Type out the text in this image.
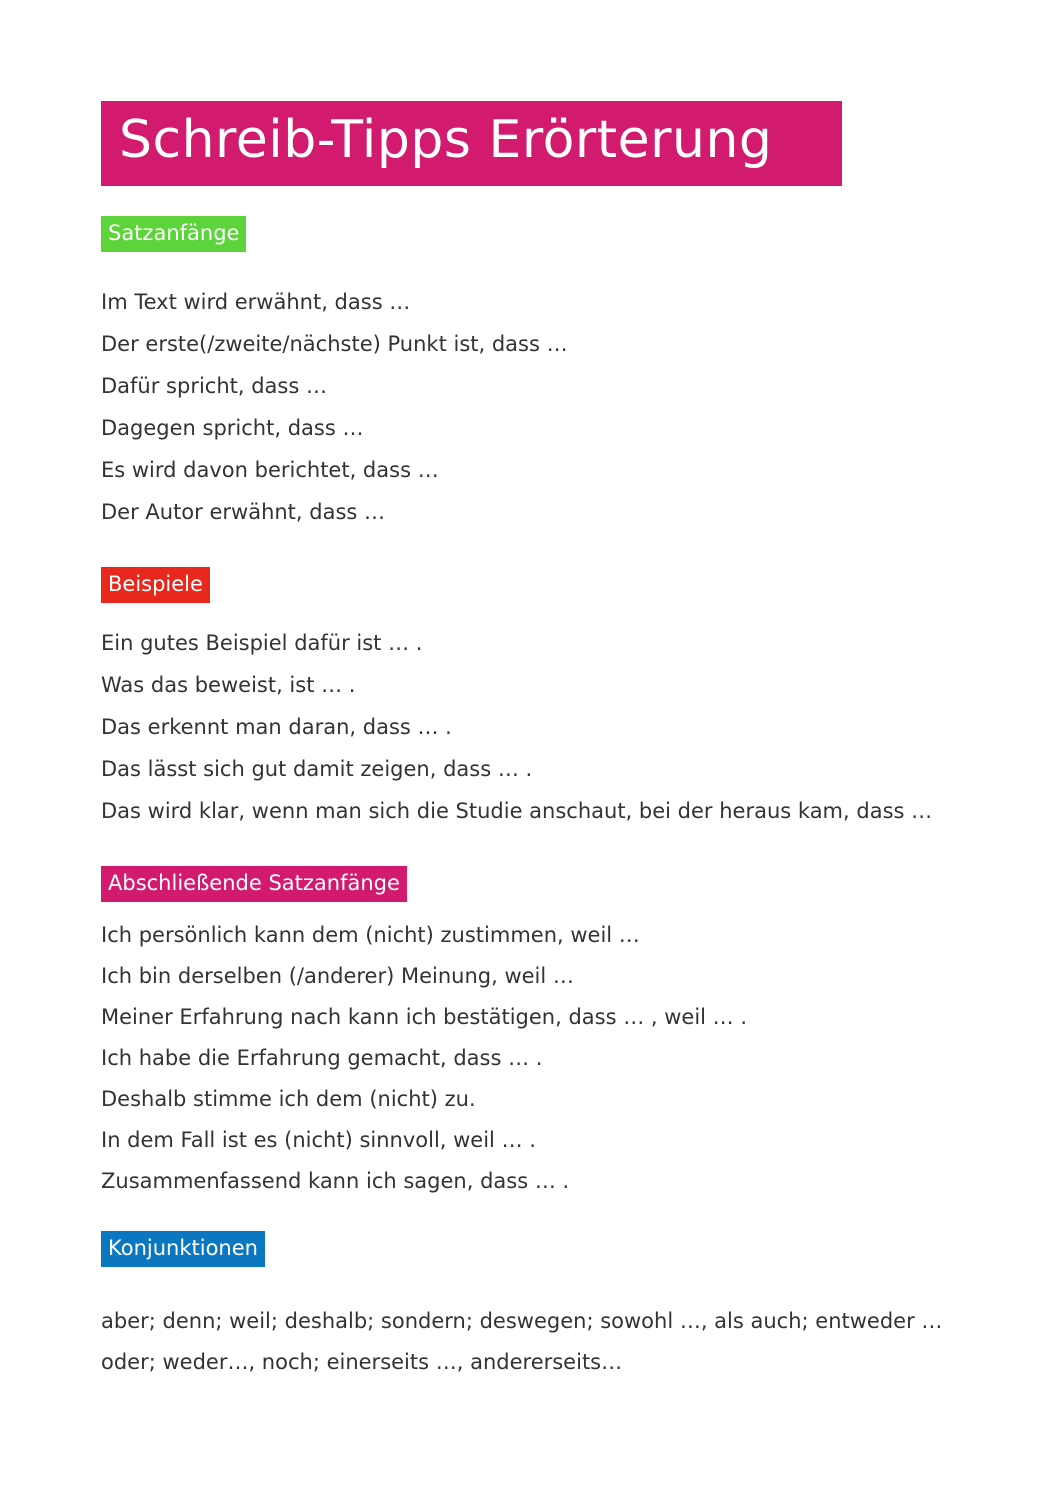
Schreib-Tipps Erörterung
Satzanfänge
Im Text wird erwähnt, dass …
Der erste(/zweite/nächste) Punkt ist, dass …
Dafür spricht, dass …
Dagegen spricht, dass …
Es wird davon berichtet, dass …
Der Autor erwähnt, dass …
Beispiele
Ein gutes Beispiel dafür ist … .
Was das beweist, ist … .
Das erkennt man daran, dass … .
Das lässt sich gut damit zeigen, dass … .
Das wird klar, wenn man sich die Studie anschaut, bei der heraus kam, dass …
Abschließende Satzanfänge
Ich persönlich kann dem (nicht) zustimmen, weil …
Ich bin derselben (/anderer) Meinung, weil …
Meiner Erfahrung nach kann ich bestätigen, dass … , weil … .
Ich habe die Erfahrung gemacht, dass … .
Deshalb stimme ich dem (nicht) zu.
In dem Fall ist es (nicht) sinnvoll, weil … .
Zusammenfassend kann ich sagen, dass … .
Konjunktionen

aber; denn; weil; deshalb; sondern; deswegen; sowohl …, als auch; entweder … oder; weder…, noch; einerseits …, andererseits…
